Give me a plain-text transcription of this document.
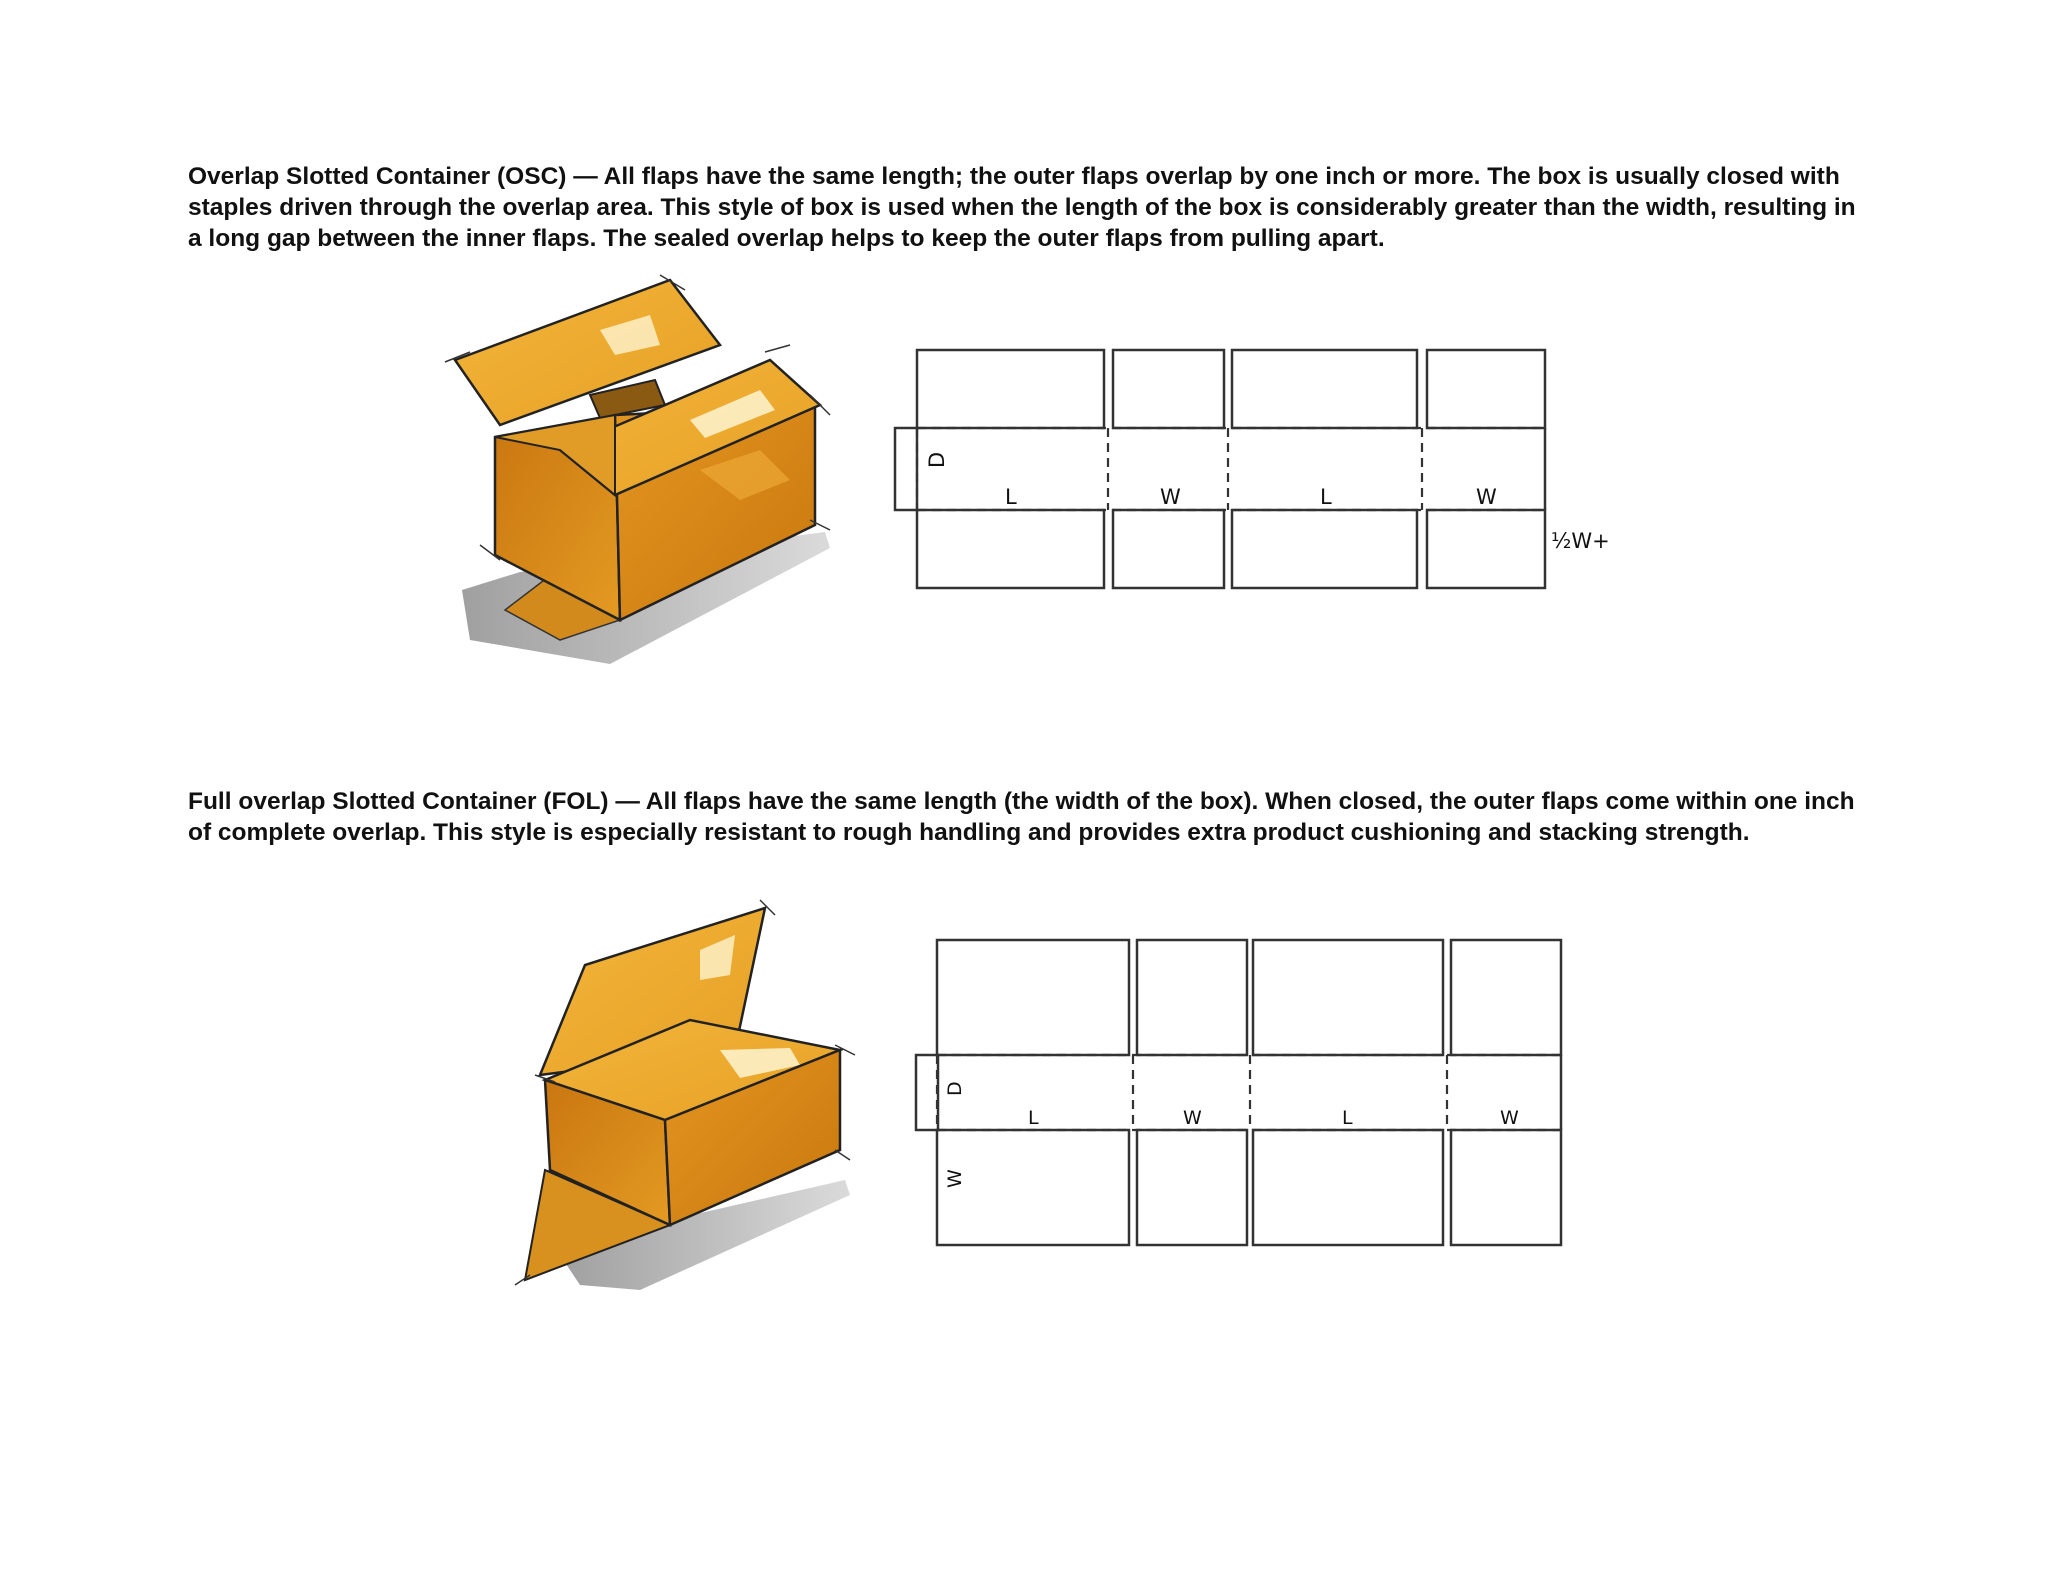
Overlap Slotted Container (OSC) — All flaps have the same length; the outer flaps overlap by one inch or more. The box is usually closed with staples driven through the overlap area. This style of box is used when the length of the box is considerably greater than the width, resulting in a long gap between the inner flaps. The sealed overlap helps to keep the outer flaps from pulling apart.

Full overlap Slotted Container (FOL) — All flaps have the same length (the width of the box). When closed, the outer flaps come within one inch of complete overlap. This style is especially resistant to rough handling and provides extra product cushioning and stacking strength.

D
L	W	L	W
½W+
D
L	W	L	W
W
